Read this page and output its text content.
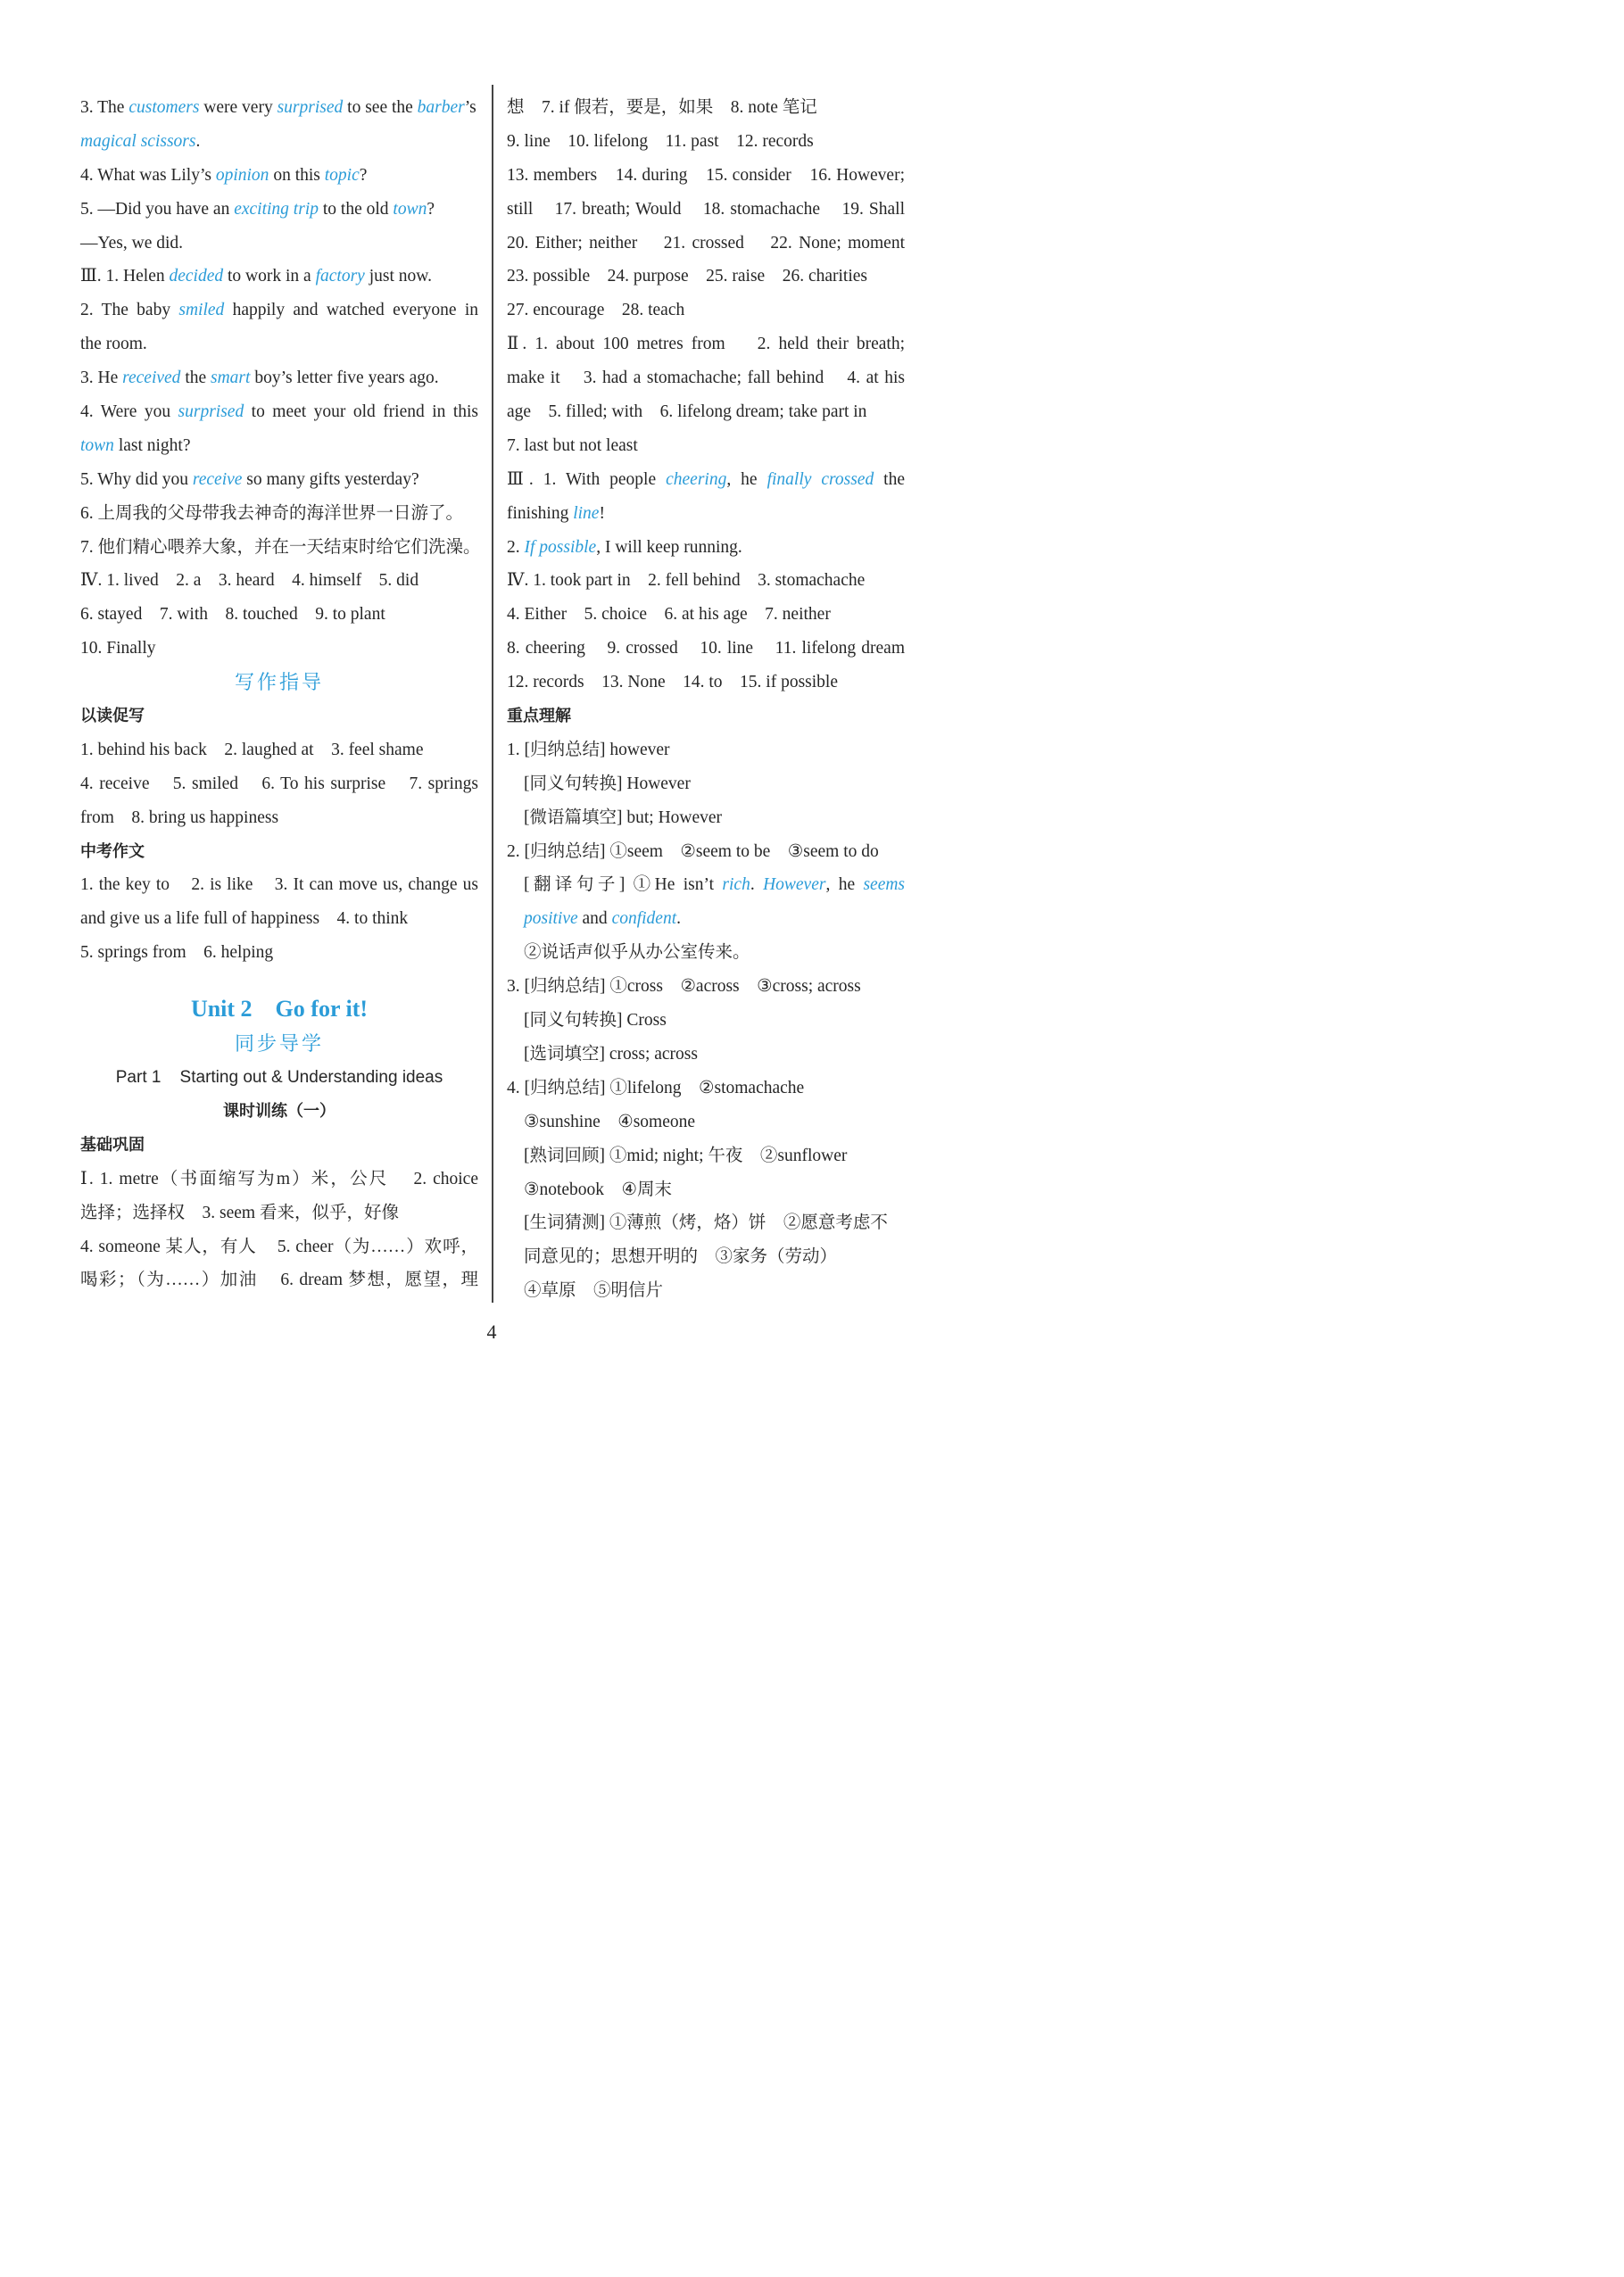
3. The customers were very surprised to see the barber’s
magical scissors.
4. What was Lily’s opinion on this topic?
5. —Did you have an exciting trip to the old town?
—Yes, we did.
Ⅲ. 1. Helen decided to work in a factory just now.
2. The baby smiled happily and watched everyone in
the room.
3. He received the smart boy’s letter five years ago.
4. Were you surprised to meet your old friend in this
town last night?
5. Why did you receive so many gifts yesterday?
6. 上周我的父母带我去神奇的海洋世界一日游了。
7. 他们精心喂养大象，并在一天结束时给它们洗澡。
Ⅳ. 1. lived    2. a    3. heard    4. himself    5. did
6. stayed    7. with    8. touched    9. to plant
10. Finally
写作指导
以读促写
1. behind his back    2. laughed at    3. feel shame
4. receive    5. smiled    6. To his surprise    7. springs
from    8. bring us happiness
中考作文
1. the key to    2. is like    3. It can move us, change us
and give us a life full of happiness    4. to think
5. springs from    6. helping
Unit 2    Go for it!
同步导学
Part 1    Starting out & Understanding ideas
课时训练（一）
基础巩固
Ⅰ. 1. metre（书面缩写为m）米，公尺    2. choice
选择；选择权    3. seem 看来，似乎，好像
4. someone 某人，有人    5. cheer（为……）欢呼，
喝彩；（为……）加油    6. dream 梦想，愿望，理
想    7. if 假若，要是，如果    8. note 笔记
9. line    10. lifelong    11. past    12. records
13. members    14. during    15. consider    16. However;
still    17. breath; Would    18. stomachache    19. Shall
20. Either; neither    21. crossed    22. None; moment
23. possible    24. purpose    25. raise    26. charities
27. encourage    28. teach
Ⅱ. 1. about 100 metres from    2. held their breath;
make it    3. had a stomachache; fall behind    4. at his
age    5. filled; with    6. lifelong dream; take part in
7. last but not least
Ⅲ. 1. With people cheering, he finally crossed the
finishing line!
2. If possible, I will keep running.
Ⅳ. 1. took part in    2. fell behind    3. stomachache
4. Either    5. choice    6. at his age    7. neither
8. cheering    9. crossed    10. line    11. lifelong dream
12. records    13. None    14. to    15. if possible
重点理解
1. [归纳总结] however
[同义句转换] However
[微语篇填空] but; However
2. [归纳总结] ①seem    ②seem to be    ③seem to do
[翻译句子] ①He isn’t rich. However, he seems
positive and confident.
②说话声似乎从办公室传来。
3. [归纳总结] ①cross    ②across    ③cross; across
[同义句转换] Cross
[选词填空] cross; across
4. [归纳总结] ①lifelong    ②stomachache
③sunshine    ④someone
[熟词回顾] ①mid; night; 午夜    ②sunflower
③notebook    ④周末
[生词猜测] ①薄煎（烤，烙）饼    ②愿意考虑不
同意见的；思想开明的    ③家务（劳动）
④草原    ⑤明信片
4
